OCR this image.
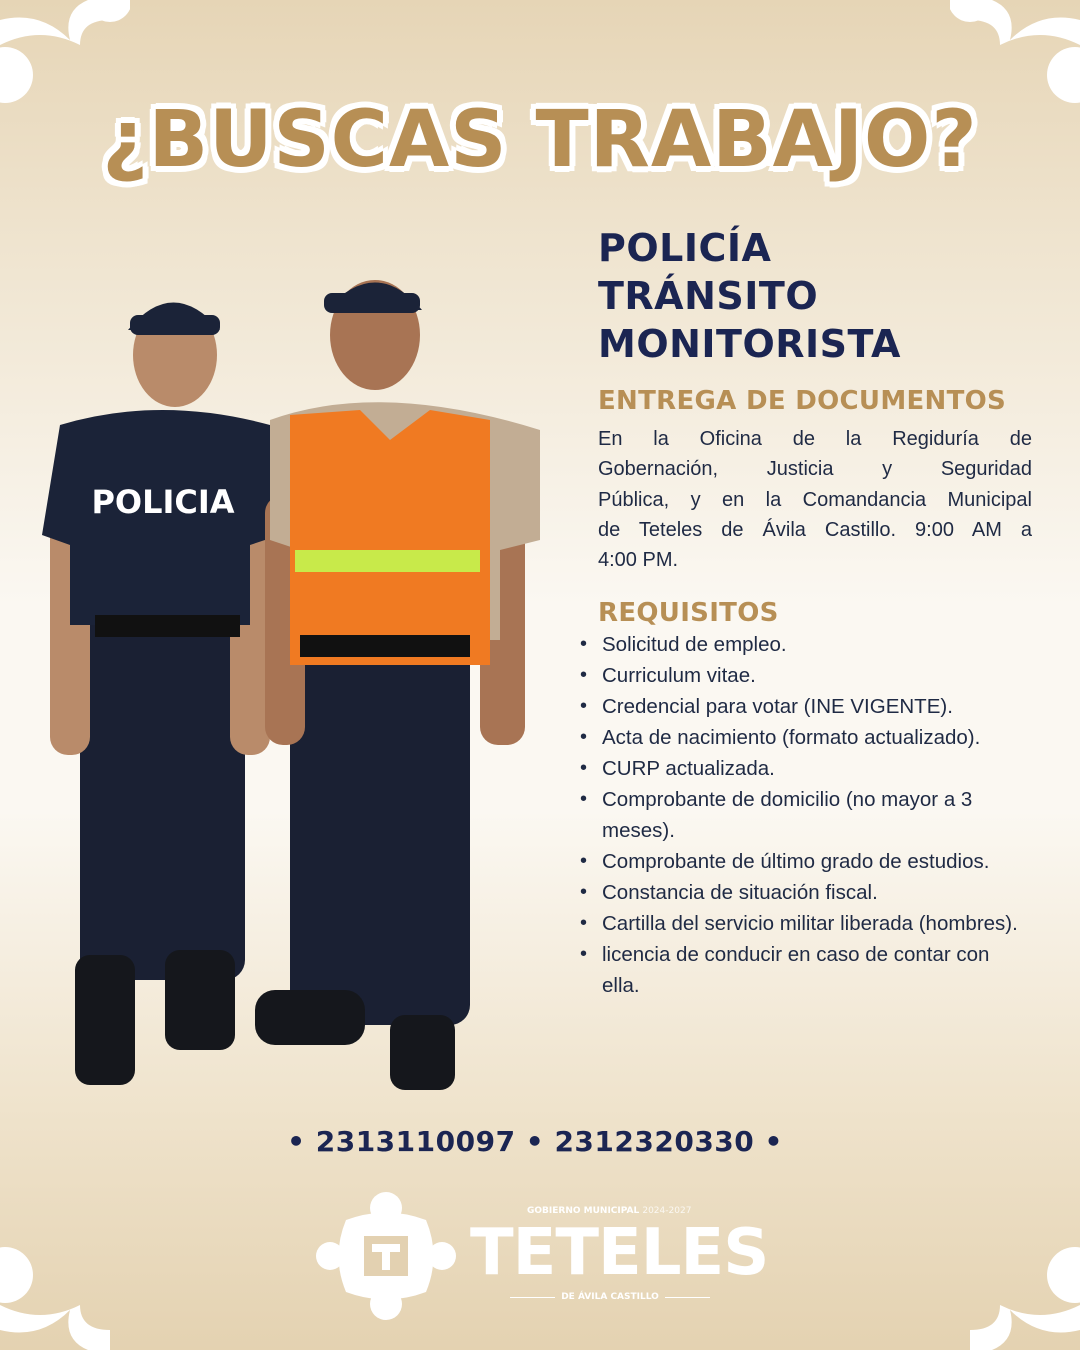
¿BUSCAS TRABAJO?
POLICIA
POLICÍA
TRÁNSITO
MONITORISTA
ENTREGA DE DOCUMENTOS
En la Oficina de la Regiduría de
Gobernación, Justicia y Seguridad
Pública, y en la Comandancia Municipal
de Teteles de Ávila Castillo. 9:00 AM a
4:00 PM.
REQUISITOS
• Solicitud de empleo.
• Curriculum vitae.
• Credencial para votar (INE VIGENTE).
• Acta de nacimiento (formato actualizado).
• CURP actualizada.
• Comprobante de domicilio (no mayor a 3 meses).
• Comprobante de último grado de estudios.
• Constancia de situación fiscal.
• Cartilla del servicio militar liberada (hombres).
• licencia de conducir en caso de contar con ella.
• 2313110097 • 2312320330 •
GOBIERNO MUNICIPAL 2024-2027
TETELES
DE ÁVILA CASTILLO
